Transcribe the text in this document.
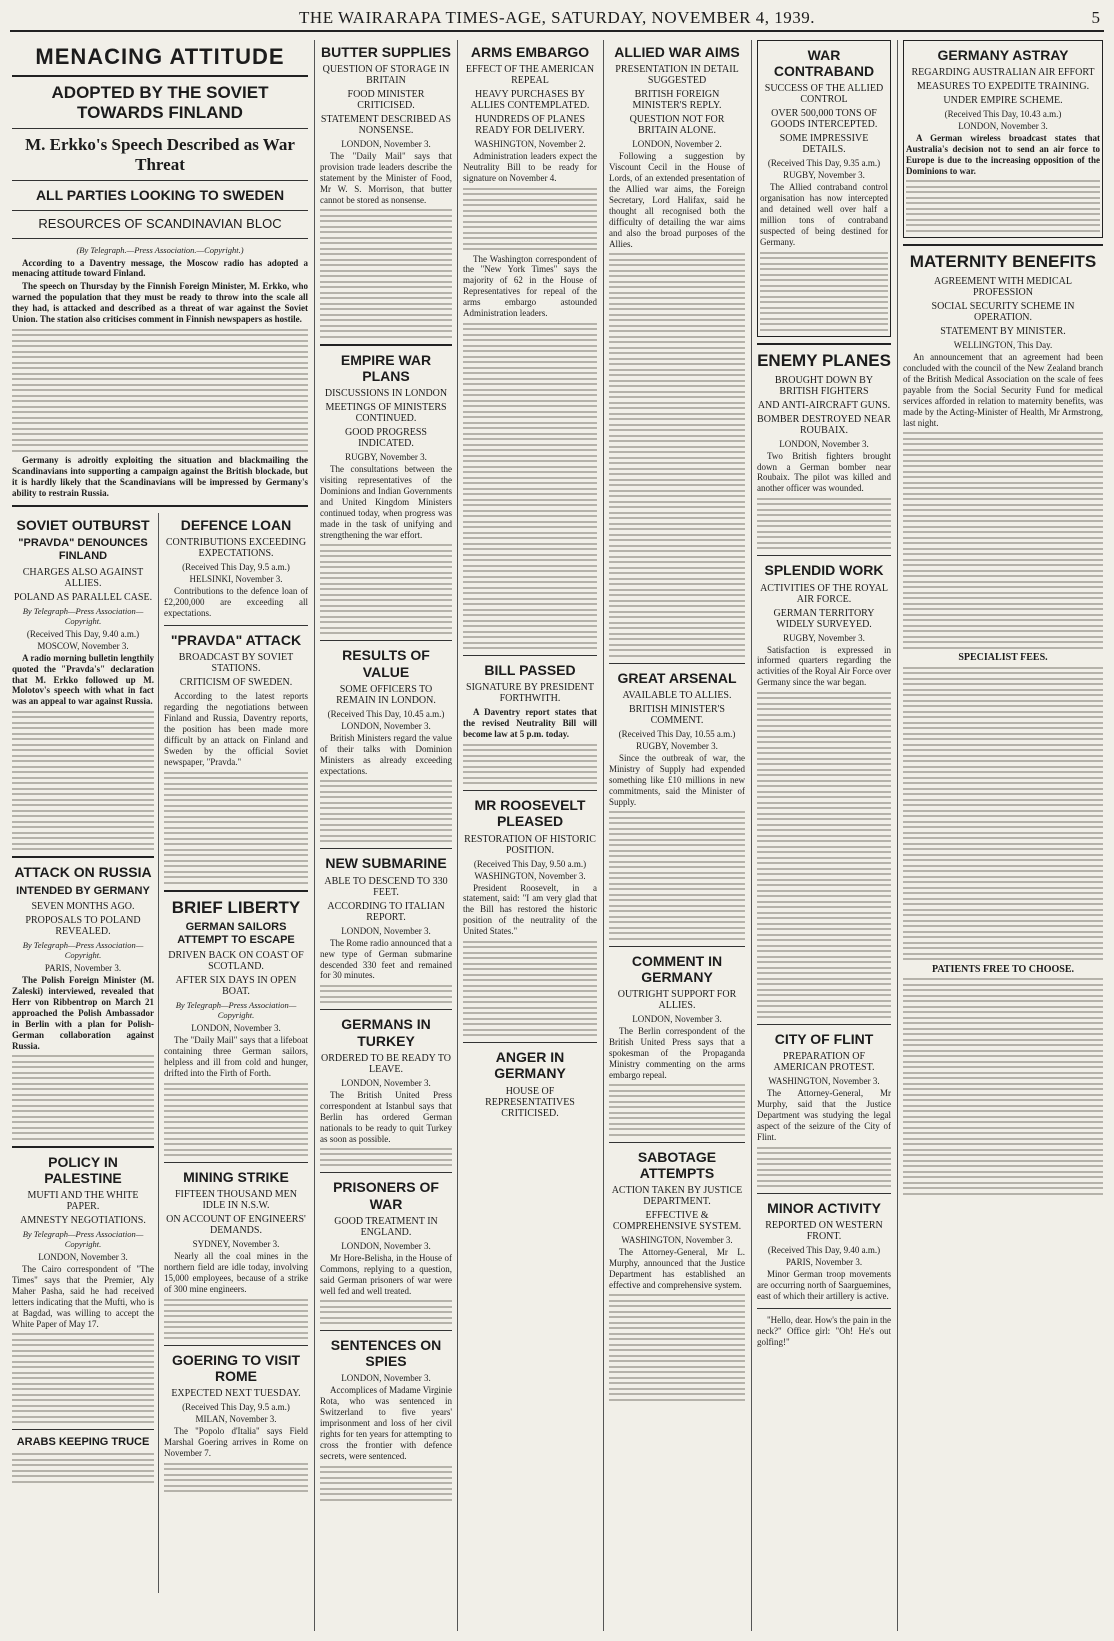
THE WAIRARAPA TIMES-AGE, SATURDAY, NOVEMBER 4, 1939.	5
MENACING ATTITUDE
ADOPTED BY THE SOVIET TOWARDS FINLAND
M. Erkko's Speech Described as War Threat
ALL PARTIES LOOKING TO SWEDEN
RESOURCES OF SCANDINAVIAN BLOC
(By Telegraph.—Press Association.—Copyright.)

According to a Daventry message, the Moscow radio has adopted a menacing attitude toward Finland.

The speech on Thursday by the Finnish Foreign Minister, M. Erkko, who warned the population that they must be ready to throw into the scale all they had, is attacked and described as a threat of war against the Soviet Union. The station also criticises comment in Finnish newspapers as hostile.

Germany is adroitly exploiting the situation and blackmailing the Scandinavians into supporting a campaign against the British blockade, but it is hardly likely that the Scandinavians will be impressed by Germany's ability to restrain Russia.

SOVIET OUTBURST
"PRAVDA" DENOUNCES FINLAND
CHARGES ALSO AGAINST ALLIES.
POLAND AS PARALLEL CASE.
By Telegraph—Press Association—Copyright.
(Received This Day, 9.40 a.m.)
MOSCOW, November 3.

A radio morning bulletin lengthily quoted the "Pravda's" declaration that M. Erkko followed up M. Molotov's speech with what in fact was an appeal to war against Russia.

ATTACK ON RUSSIA
INTENDED BY GERMANY
SEVEN MONTHS AGO.
PROPOSALS TO POLAND REVEALED.
By Telegraph—Press Association—Copyright.
PARIS, November 3.

The Polish Foreign Minister (M. Zaleski) interviewed, revealed that Herr von Ribbentrop on March 21 approached the Polish Ambassador in Berlin with a plan for Polish-German collaboration against Russia.

POLICY IN PALESTINE
MUFTI AND THE WHITE PAPER.
AMNESTY NEGOTIATIONS.
By Telegraph—Press Association—Copyright.
LONDON, November 3.

The Cairo correspondent of "The Times" says that the Premier, Aly Maher Pasha, said he had received letters indicating that the Mufti, who is at Bagdad, was willing to accept the White Paper of May 17.

ARABS KEEPING TRUCE
DEFENCE LOAN
CONTRIBUTIONS EXCEEDING EXPECTATIONS.
(Received This Day, 9.5 a.m.)
HELSINKI, November 3.

Contributions to the defence loan of £2,200,000 are exceeding all expectations.

"PRAVDA" ATTACK
BROADCAST BY SOVIET STATIONS.
CRITICISM OF SWEDEN.

According to the latest reports regarding the negotiations between Finland and Russia, Daventry reports, the position has been made more difficult by an attack on Finland and Sweden by the official Soviet newspaper, "Pravda."

BRIEF LIBERTY
GERMAN SAILORS ATTEMPT TO ESCAPE
DRIVEN BACK ON COAST OF SCOTLAND.
AFTER SIX DAYS IN OPEN BOAT.
By Telegraph—Press Association—Copyright.
LONDON, November 3.

The "Daily Mail" says that a lifeboat containing three German sailors, helpless and ill from cold and hunger, drifted into the Firth of Forth.

MINING STRIKE
FIFTEEN THOUSAND MEN IDLE IN N.S.W.
ON ACCOUNT OF ENGINEERS' DEMANDS.
SYDNEY, November 3.

Nearly all the coal mines in the northern field are idle today, involving 15,000 employees, because of a strike of 300 mine engineers.

GOERING TO VISIT ROME
EXPECTED NEXT TUESDAY.
(Received This Day, 9.5 a.m.)
MILAN, November 3.

The "Popolo d'Italia" says Field Marshal Goering arrives in Rome on November 7.

BUTTER SUPPLIES
QUESTION OF STORAGE IN BRITAIN
FOOD MINISTER CRITICISED.
STATEMENT DESCRIBED AS NONSENSE.
LONDON, November 3.

The "Daily Mail" says that provision trade leaders describe the statement by the Minister of Food, Mr W. S. Morrison, that butter cannot be stored as nonsense.

EMPIRE WAR PLANS
DISCUSSIONS IN LONDON
MEETINGS OF MINISTERS CONTINUED.
GOOD PROGRESS INDICATED.
RUGBY, November 3.

The consultations between the visiting representatives of the Dominions and Indian Governments and United Kingdom Ministers continued today, when progress was made in the task of unifying and strengthening the war effort.

RESULTS OF VALUE
SOME OFFICERS TO REMAIN IN LONDON.
(Received This Day, 10.45 a.m.)
LONDON, November 3.

British Ministers regard the value of their talks with Dominion Ministers as already exceeding expectations.

NEW SUBMARINE
ABLE TO DESCEND TO 330 FEET.
ACCORDING TO ITALIAN REPORT.
LONDON, November 3.

The Rome radio announced that a new type of German submarine descended 330 feet and remained for 30 minutes.

GERMANS IN TURKEY
ORDERED TO BE READY TO LEAVE.
LONDON, November 3.

The British United Press correspondent at Istanbul says that Berlin has ordered German nationals to be ready to quit Turkey as soon as possible.

PRISONERS OF WAR
GOOD TREATMENT IN ENGLAND.
LONDON, November 3.

Mr Hore-Belisha, in the House of Commons, replying to a question, said German prisoners of war were well fed and well treated.

SENTENCES ON SPIES
LONDON, November 3.

Accomplices of Madame Virginie Rota, who was sentenced in Switzerland to five years' imprisonment and loss of her civil rights for ten years for attempting to cross the frontier with defence secrets, were sentenced.

ARMS EMBARGO
EFFECT OF THE AMERICAN REPEAL
HEAVY PURCHASES BY ALLIES CONTEMPLATED.
HUNDREDS OF PLANES READY FOR DELIVERY.
WASHINGTON, November 2.

Administration leaders expect the Neutrality Bill to be ready for signature on November 4.

The Washington correspondent of the "New York Times" says the majority of 62 in the House of Representatives for repeal of the arms embargo astounded Administration leaders.

BILL PASSED
SIGNATURE BY PRESIDENT FORTHWITH.

A Daventry report states that the revised Neutrality Bill will become law at 5 p.m. today.

MR ROOSEVELT PLEASED
RESTORATION OF HISTORIC POSITION.
(Received This Day, 9.50 a.m.)
WASHINGTON, November 3.

President Roosevelt, in a statement, said: "I am very glad that the Bill has restored the historic position of the neutrality of the United States."

ANGER IN GERMANY
HOUSE OF REPRESENTATIVES CRITICISED.
ALLIED WAR AIMS
PRESENTATION IN DETAIL SUGGESTED
BRITISH FOREIGN MINISTER'S REPLY.
QUESTION NOT FOR BRITAIN ALONE.
LONDON, November 2.

Following a suggestion by Viscount Cecil in the House of Lords, of an extended presentation of the Allied war aims, the Foreign Secretary, Lord Halifax, said he thought all recognised both the difficulty of detailing the war aims and also the broad purposes of the Allies.

GREAT ARSENAL
AVAILABLE TO ALLIES.
BRITISH MINISTER'S COMMENT.
(Received This Day, 10.55 a.m.)
RUGBY, November 3.

Since the outbreak of war, the Ministry of Supply had expended something like £10 millions in new commitments, said the Minister of Supply.

COMMENT IN GERMANY
OUTRIGHT SUPPORT FOR ALLIES.
LONDON, November 3.

The Berlin correspondent of the British United Press says that a spokesman of the Propaganda Ministry commenting on the arms embargo repeal.

SABOTAGE ATTEMPTS
ACTION TAKEN BY JUSTICE DEPARTMENT.
EFFECTIVE & COMPREHENSIVE SYSTEM.
WASHINGTON, November 3.

The Attorney-General, Mr L. Murphy, announced that the Justice Department has established an effective and comprehensive system.

WAR CONTRABAND
SUCCESS OF THE ALLIED CONTROL
OVER 500,000 TONS OF GOODS INTERCEPTED.
SOME IMPRESSIVE DETAILS.
(Received This Day, 9.35 a.m.)
RUGBY, November 3.

The Allied contraband control organisation has now intercepted and detained well over half a million tons of contraband suspected of being destined for Germany.

ENEMY PLANES
BROUGHT DOWN BY BRITISH FIGHTERS
AND ANTI-AIRCRAFT GUNS.
BOMBER DESTROYED NEAR ROUBAIX.
LONDON, November 3.

Two British fighters brought down a German bomber near Roubaix. The pilot was killed and another officer was wounded.

SPLENDID WORK
ACTIVITIES OF THE ROYAL AIR FORCE.
GERMAN TERRITORY WIDELY SURVEYED.
RUGBY, November 3.

Satisfaction is expressed in informed quarters regarding the activities of the Royal Air Force over Germany since the war began.

CITY OF FLINT
PREPARATION OF AMERICAN PROTEST.
WASHINGTON, November 3.

The Attorney-General, Mr Murphy, said that the Justice Department was studying the legal aspect of the seizure of the City of Flint.

MINOR ACTIVITY
REPORTED ON WESTERN FRONT.
(Received This Day, 9.40 a.m.)
PARIS, November 3.

Minor German troop movements are occurring north of Saarguemines, east of which their artillery is active.

"Hello, dear. How's the pain in the neck?" Office girl: "Oh! He's out golfing!"

GERMANY ASTRAY
REGARDING AUSTRALIAN AIR EFFORT
MEASURES TO EXPEDITE TRAINING.
UNDER EMPIRE SCHEME.
(Received This Day, 10.43 a.m.)
LONDON, November 3.

A German wireless broadcast states that Australia's decision not to send an air force to Europe is due to the increasing opposition of the Dominions to war.

MATERNITY BENEFITS
AGREEMENT WITH MEDICAL PROFESSION
SOCIAL SECURITY SCHEME IN OPERATION.
STATEMENT BY MINISTER.
WELLINGTON, This Day.

An announcement that an agreement had been concluded with the council of the New Zealand branch of the British Medical Association on the scale of fees payable from the Social Security Fund for medical services afforded in relation to maternity benefits, was made by the Acting-Minister of Health, Mr Armstrong, last night.

SPECIALIST FEES.
PATIENTS FREE TO CHOOSE.
